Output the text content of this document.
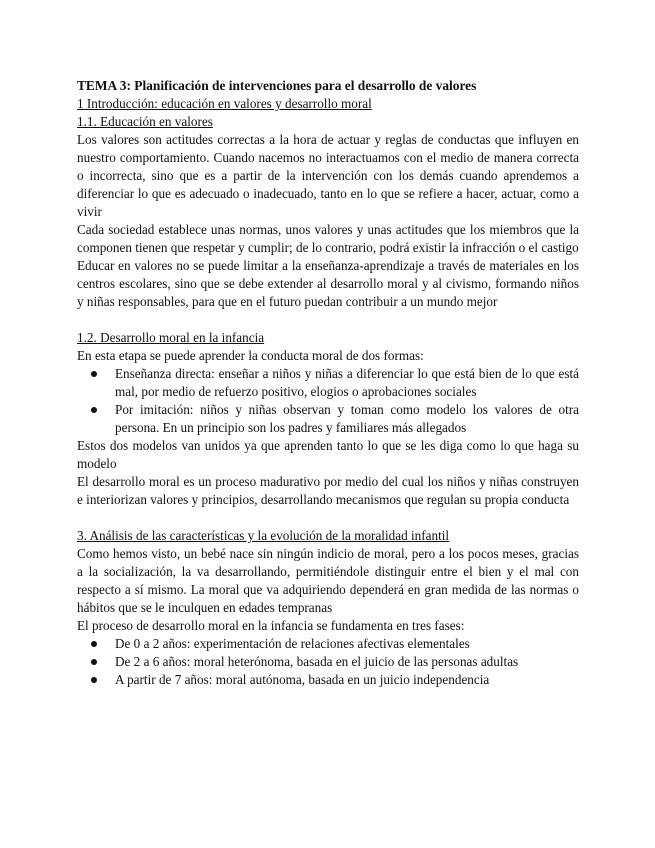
TEMA 3: Planificación de intervenciones para el desarrollo de valores

1 Introducción: educación en valores y desarrollo moral

1.1. Educación en valores

Los valores son actitudes correctas a la hora de actuar y reglas de conductas que influyen en nuestro comportamiento. Cuando nacemos no interactuamos con el medio de manera correcta o incorrecta, sino que es a partir de la intervención con los demás cuando aprendemos a diferenciar lo que es adecuado o inadecuado, tanto en lo que se refiere a hacer, actuar, como a vivir

Cada sociedad establece unas normas, unos valores y unas actitudes que los miembros que la componen tienen que respetar y cumplir; de lo contrario, podrá existir la infracción o el castigo

Educar en valores no se puede limitar a la enseñanza-aprendizaje a través de materiales en los centros escolares, sino que se debe extender al desarrollo moral y al civismo, formando niños y niñas responsables, para que en el futuro puedan contribuir a un mundo mejor

1.2. Desarrollo moral en la infancia

En esta etapa se puede aprender la conducta moral de dos formas:

Enseñanza directa: enseñar a niños y niñas a diferenciar lo que está bien de lo que está mal, por medio de refuerzo positivo, elogios o aprobaciones sociales
Por imitación: niños y niñas observan y toman como modelo los valores de otra persona. En un principio son los padres y familiares más allegados

Estos dos modelos van unidos ya que aprenden tanto lo que se les diga como lo que haga su modelo

El desarrollo moral es un proceso madurativo por medio del cual los niños y niñas construyen e interiorizan valores y principios, desarrollando mecanismos que regulan su propia conducta

3. Análisis de las características y la evolución de la moralidad infantil

Como hemos visto, un bebé nace sin ningún indicio de moral, pero a los pocos meses, gracias a la socialización, la va desarrollando, permitiéndole distinguir entre el bien y el mal con respecto a sí mismo. La moral que va adquiriendo dependerá en gran medida de las normas o hábitos que se le inculquen en edades tempranas

El proceso de desarrollo moral en la infancia se fundamenta en tres fases:

De 0 a 2 años: experimentación de relaciones afectivas elementales
De 2 a 6 años: moral heterónoma, basada en el juicio de las personas adultas
A partir de 7 años: moral autónoma, basada en un juicio independencia
